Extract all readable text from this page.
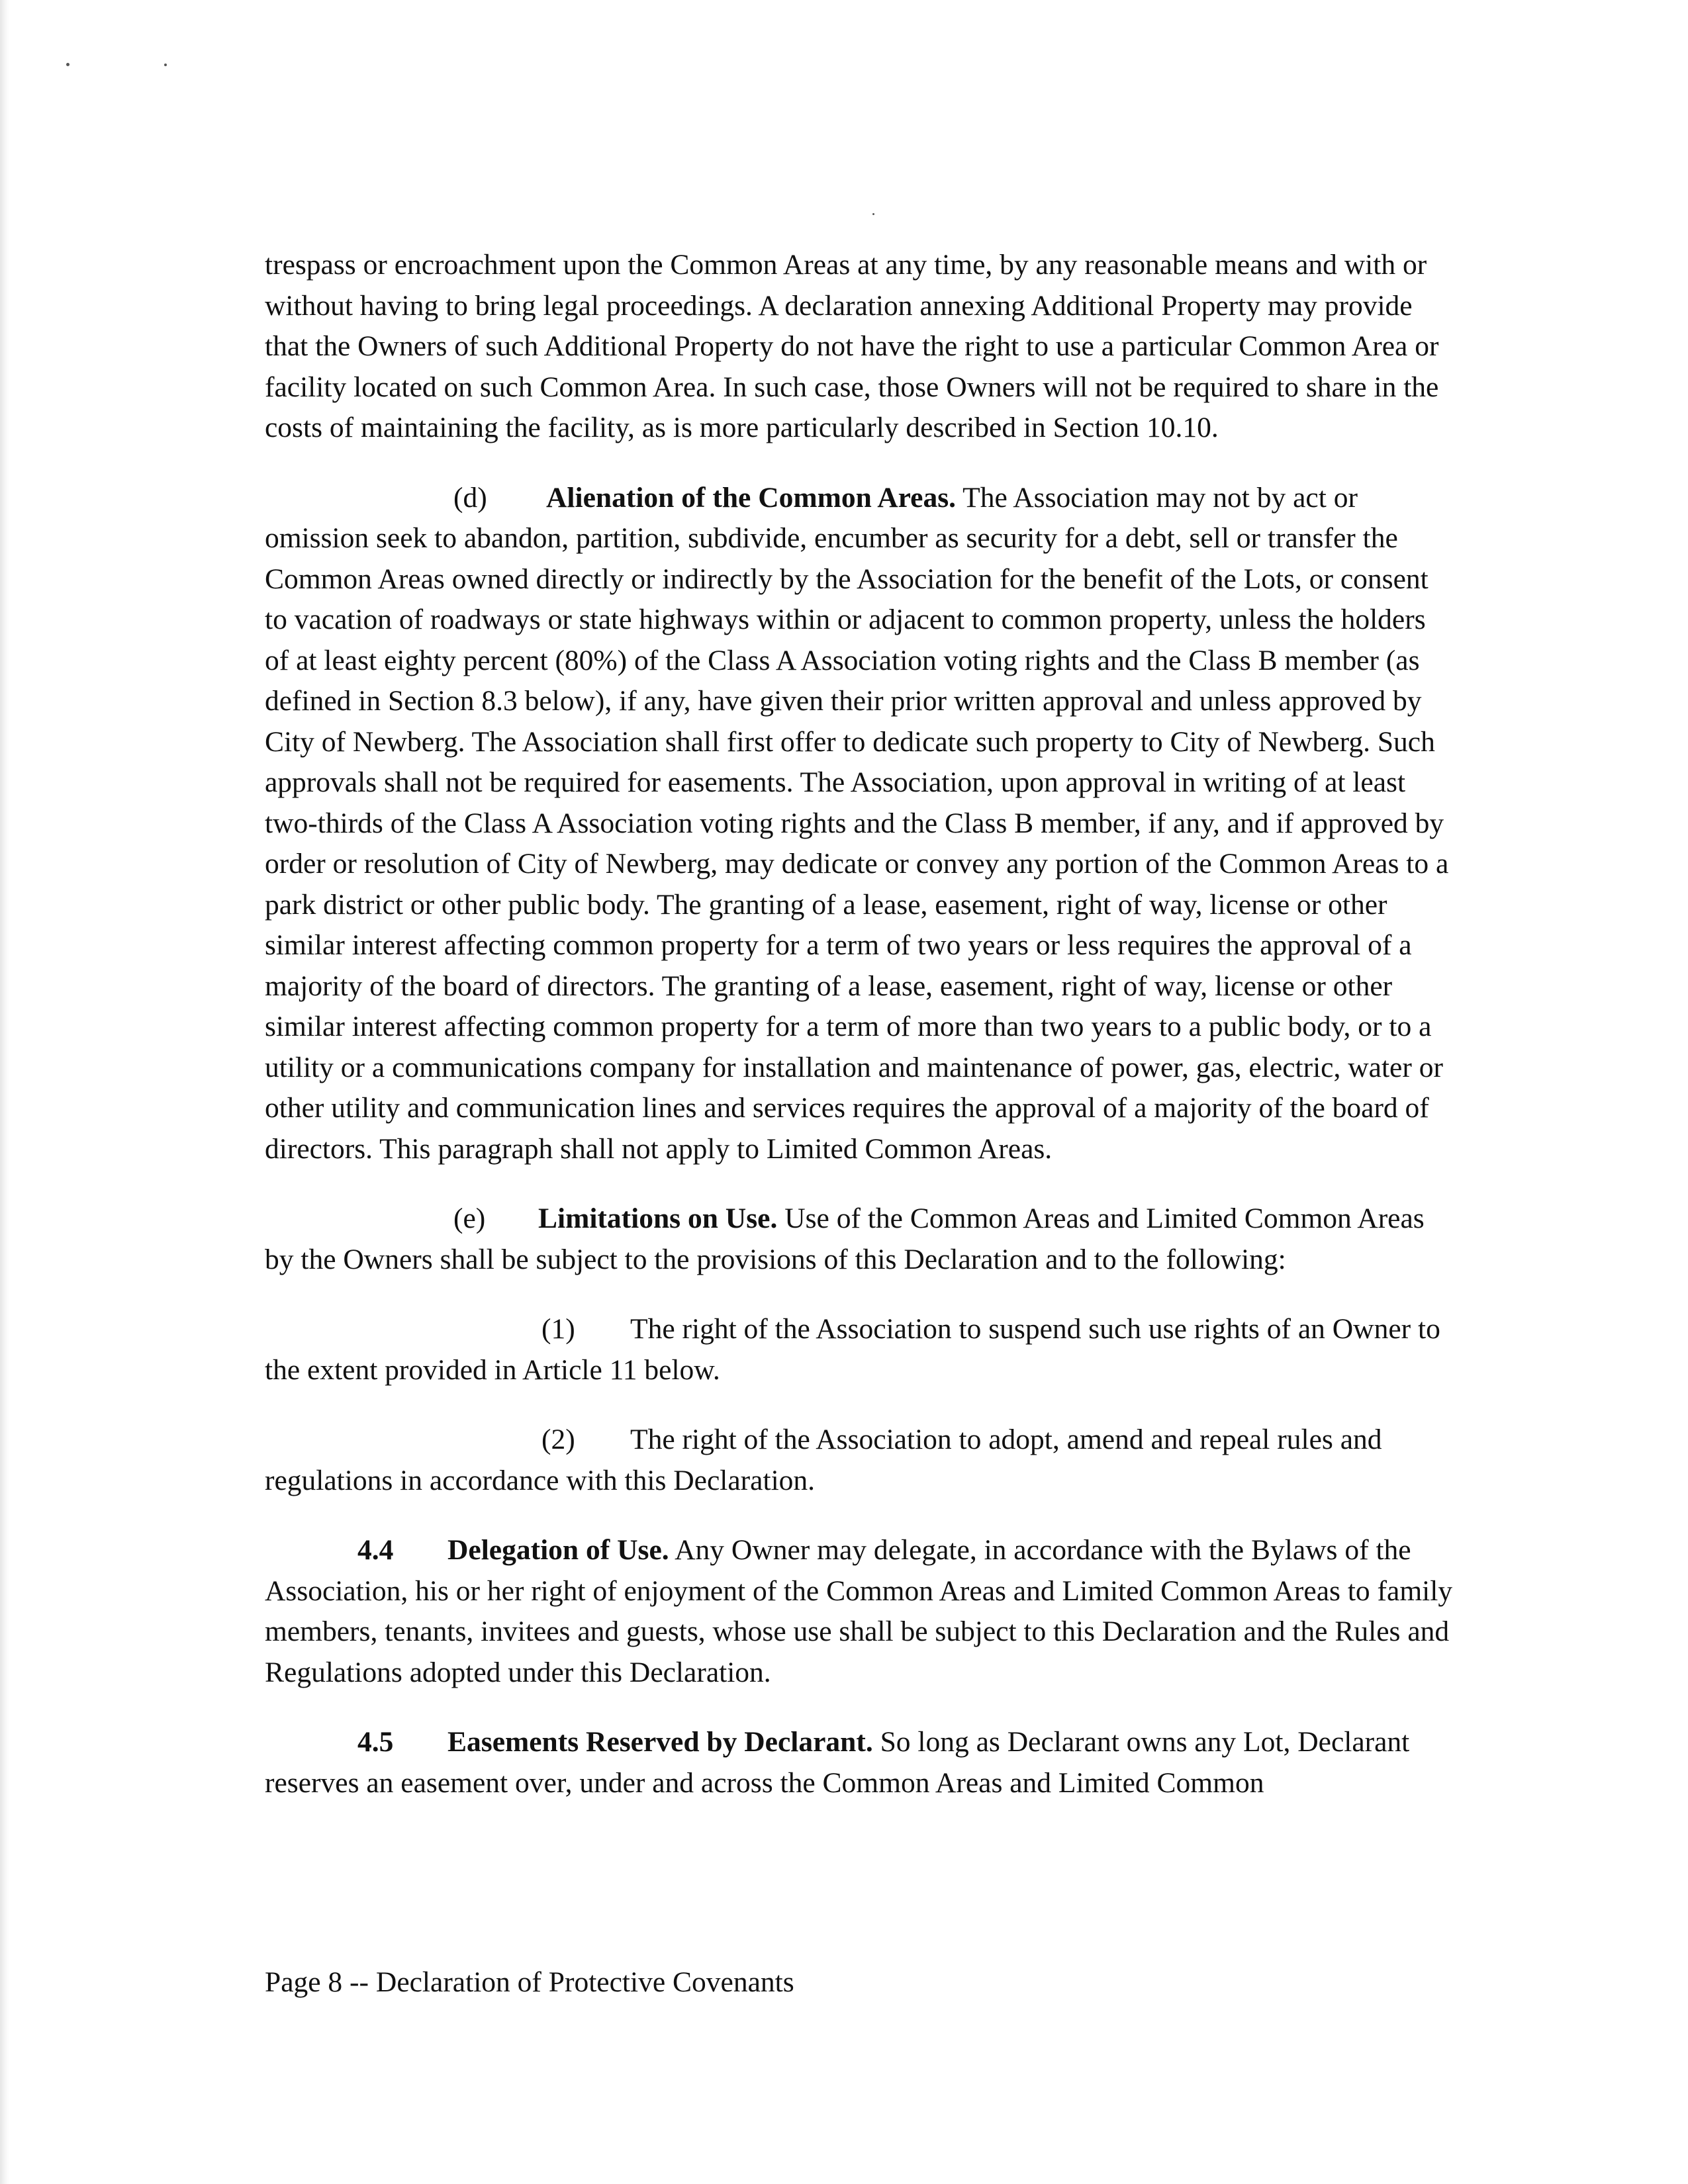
trespass or encroachment upon the Common Areas at any time, by any reasonable means and with or without having to bring legal proceedings. A declaration annexing Additional Property may provide that the Owners of such Additional Property do not have the right to use a particular Common Area or facility located on such Common Area. In such case, those Owners will not be required to share in the costs of maintaining the facility, as is more particularly described in Section 10.10.

(d) Alienation of the Common Areas. The Association may not by act or omission seek to abandon, partition, subdivide, encumber as security for a debt, sell or transfer the Common Areas owned directly or indirectly by the Association for the benefit of the Lots, or consent to vacation of roadways or state highways within or adjacent to common property, unless the holders of at least eighty percent (80%) of the Class A Association voting rights and the Class B member (as defined in Section 8.3 below), if any, have given their prior written approval and unless approved by City of Newberg. The Association shall first offer to dedicate such property to City of Newberg. Such approvals shall not be required for easements. The Association, upon approval in writing of at least two-thirds of the Class A Association voting rights and the Class B member, if any, and if approved by order or resolution of City of Newberg, may dedicate or convey any portion of the Common Areas to a park district or other public body. The granting of a lease, easement, right of way, license or other similar interest affecting common property for a term of two years or less requires the approval of a majority of the board of directors. The granting of a lease, easement, right of way, license or other similar interest affecting common property for a term of more than two years to a public body, or to a utility or a communications company for installation and maintenance of power, gas, electric, water or other utility and communication lines and services requires the approval of a majority of the board of directors. This paragraph shall not apply to Limited Common Areas.

(e) Limitations on Use. Use of the Common Areas and Limited Common Areas by the Owners shall be subject to the provisions of this Declaration and to the following:

(1) The right of the Association to suspend such use rights of an Owner to the extent provided in Article 11 below.

(2) The right of the Association to adopt, amend and repeal rules and regulations in accordance with this Declaration.

4.4 Delegation of Use. Any Owner may delegate, in accordance with the Bylaws of the Association, his or her right of enjoyment of the Common Areas and Limited Common Areas to family members, tenants, invitees and guests, whose use shall be subject to this Declaration and the Rules and Regulations adopted under this Declaration.

4.5 Easements Reserved by Declarant. So long as Declarant owns any Lot, Declarant reserves an easement over, under and across the Common Areas and Limited Common

Page 8 -- Declaration of Protective Covenants
